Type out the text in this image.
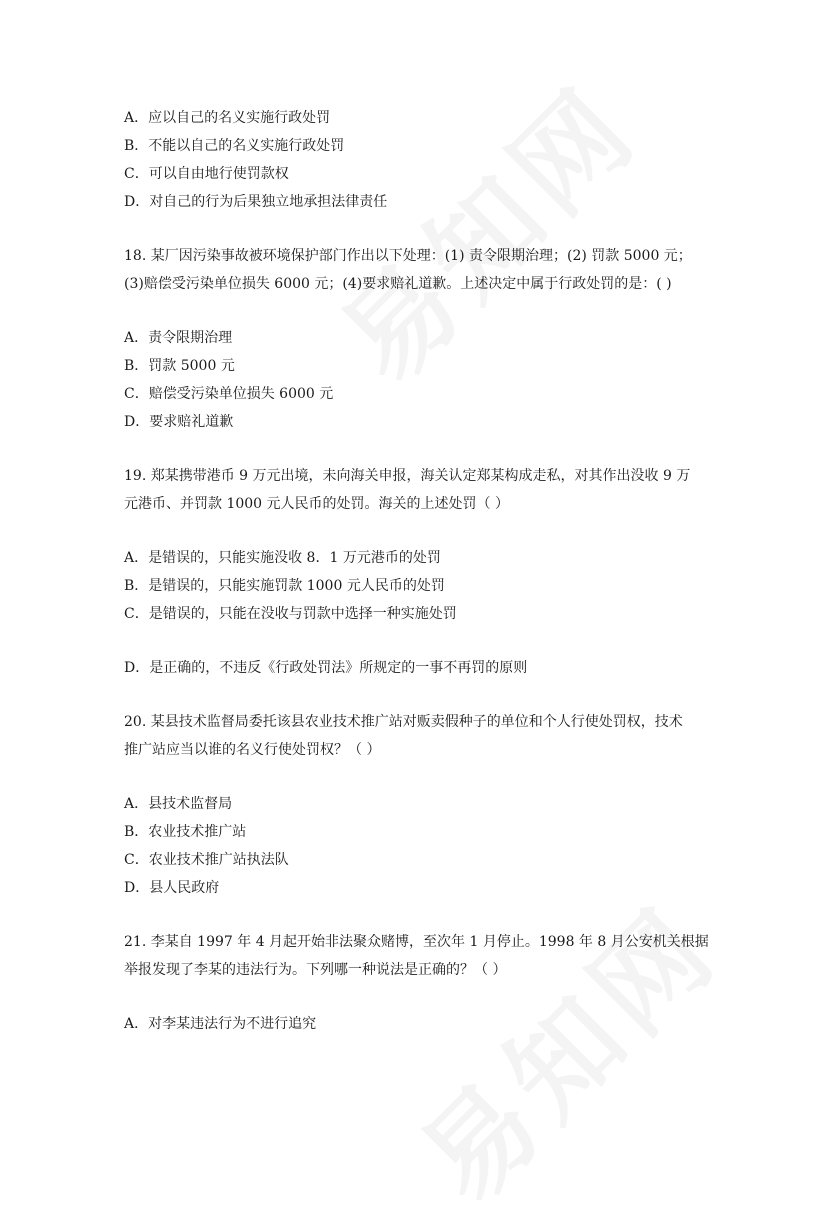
A．应以自己的名义实施行政处罚

B．不能以自己的名义实施行政处罚

C．可以自由地行使罚款权

D．对自己的行为后果独立地承担法律责任

18. 某厂因污染事故被环境保护部门作出以下处理：(1) 责令限期治理；(2) 罚款 5000 元；

(3)赔偿受污染单位损失 6000 元；(4)要求赔礼道歉。上述决定中属于行政处罚的是：( )

A．责令限期治理

B．罚款 5000 元

C．赔偿受污染单位损失 6000 元

D．要求赔礼道歉

19. 郑某携带港币 9 万元出境，未向海关申报，海关认定郑某构成走私，对其作出没收 9 万

元港币、并罚款 1000 元人民币的处罚。海关的上述处罚（ ）

A．是错误的，只能实施没收 8．1 万元港币的处罚

B．是错误的，只能实施罚款 1000 元人民币的处罚

C．是错误的，只能在没收与罚款中选择一种实施处罚

D．是正确的，不违反《行政处罚法》所规定的一事不再罚的原则

20. 某县技术监督局委托该县农业技术推广站对贩卖假种子的单位和个人行使处罚权，技术

推广站应当以谁的名义行使处罚权？（ ）

A．县技术监督局

B．农业技术推广站

C．农业技术推广站执法队

D．县人民政府

21. 李某自 1997 年 4 月起开始非法聚众赌博，至次年 1 月停止。1998 年 8 月公安机关根据

举报发现了李某的违法行为。下列哪一种说法是正确的？（ ）

A．对李某违法行为不进行追究
